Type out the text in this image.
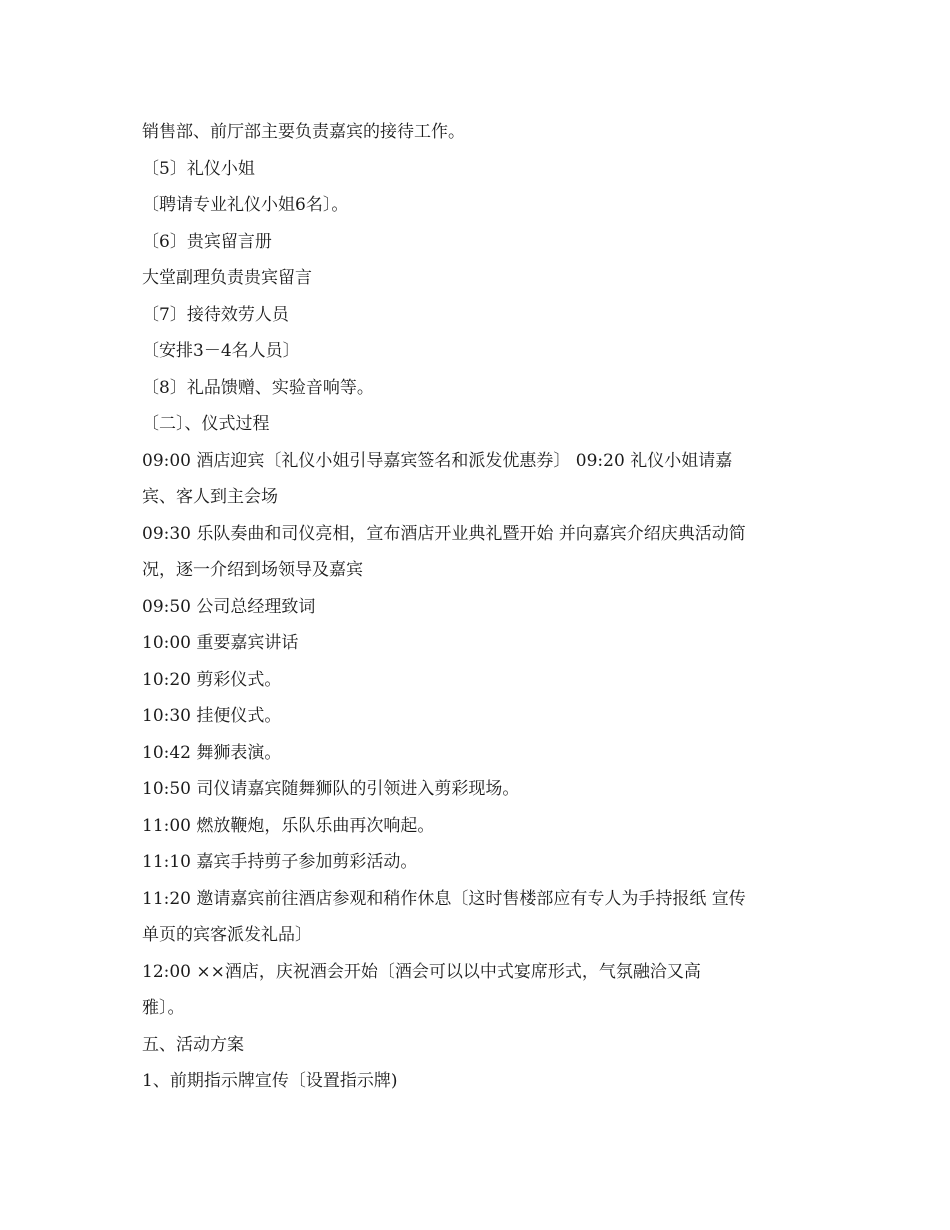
销售部、前厅部主要负责嘉宾的接待工作。

〔5〕礼仪小姐

〔聘请专业礼仪小姐6名〕。

〔6〕贵宾留言册

大堂副理负责贵宾留言

〔7〕接待效劳人员

〔安排3－4名人员〕

〔8〕礼品馈赠、实验音响等。

〔二〕、仪式过程

09:00 酒店迎宾〔礼仪小姐引导嘉宾签名和派发优惠券〕 09:20 礼仪小姐请嘉

宾、客人到主会场

09:30 乐队奏曲和司仪亮相，宣布酒店开业典礼暨开始 并向嘉宾介绍庆典活动简

况，逐一介绍到场领导及嘉宾

09:50 公司总经理致词

10:00 重要嘉宾讲话

10:20 剪彩仪式。

10:30 挂便仪式。

10:42 舞狮表演。

10:50 司仪请嘉宾随舞狮队的引领进入剪彩现场。

11:00 燃放鞭炮，乐队乐曲再次响起。

11:10 嘉宾手持剪子参加剪彩活动。

11:20 邀请嘉宾前往酒店参观和稍作休息〔这时售楼部应有专人为手持报纸 宣传

单页的宾客派发礼品〕

12:00 ××酒店，庆祝酒会开始〔酒会可以以中式宴席形式，气氛融洽又高

雅〕。

五、活动方案

1、前期指示牌宣传〔设置指示牌)
